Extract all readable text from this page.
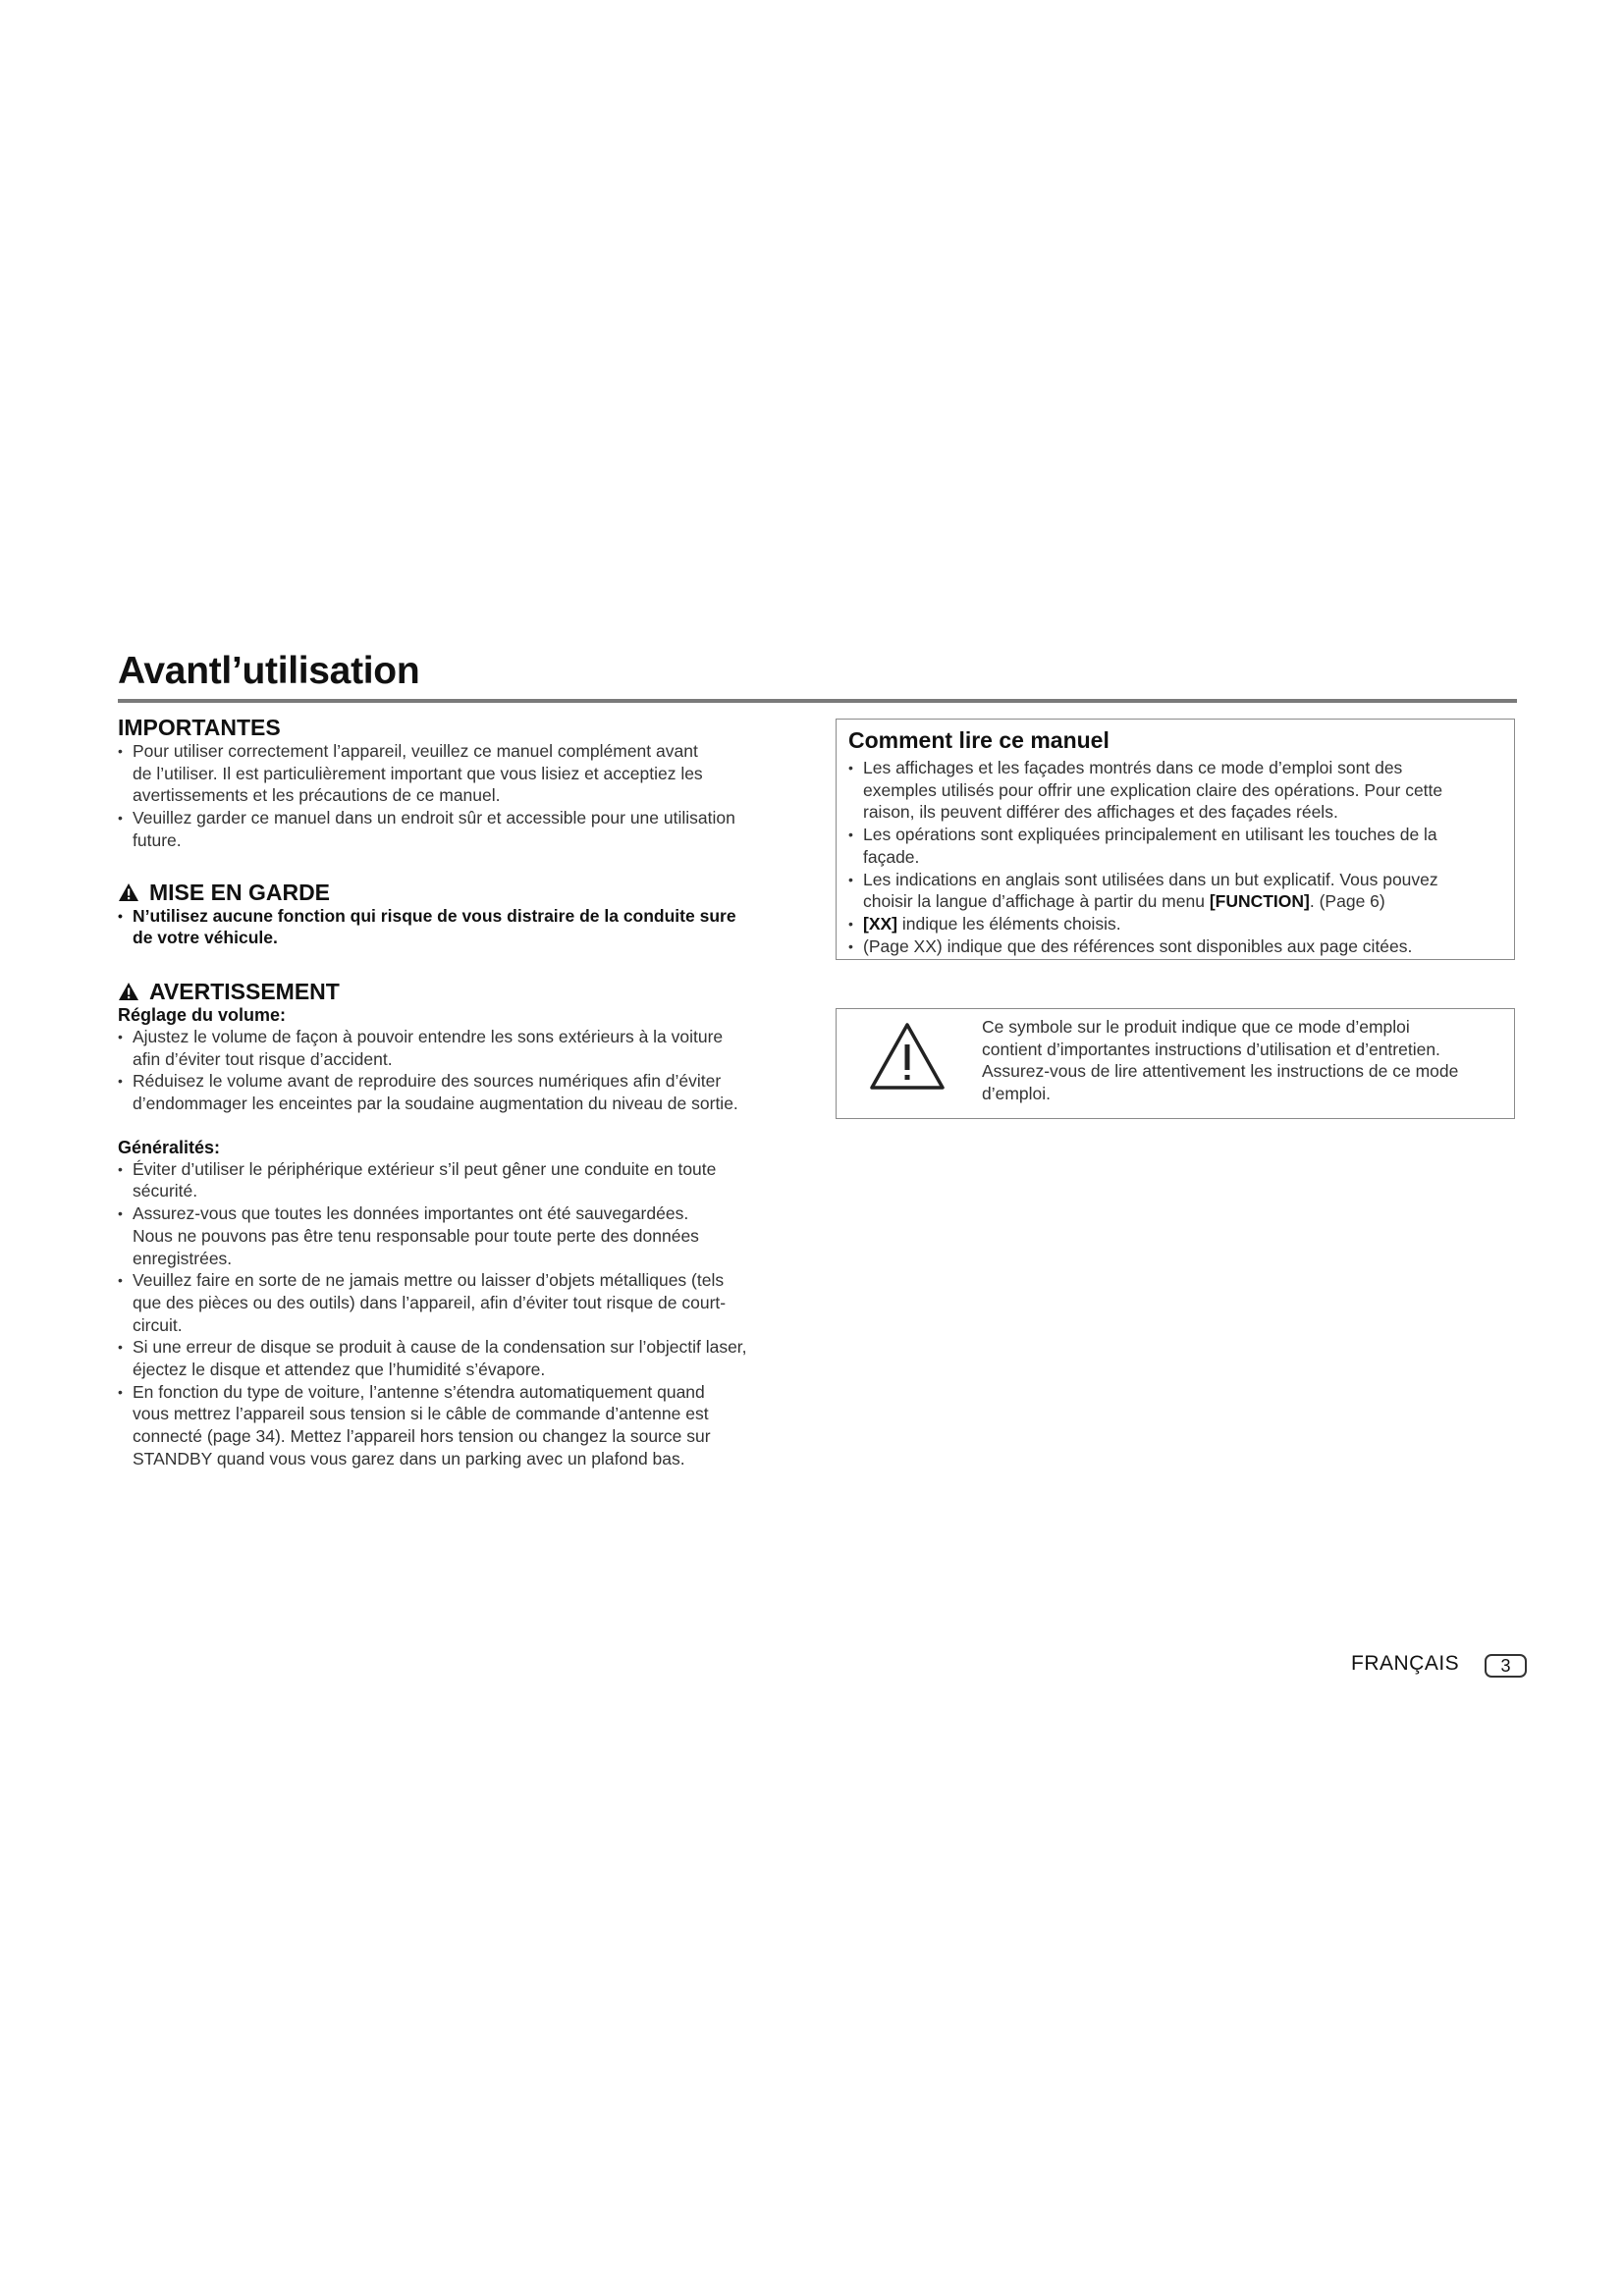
Avantl’utilisation
IMPORTANTES
• Pour utiliser correctement l’appareil, veuillez ce manuel complément avant
de l’utiliser. Il est particulièrement important que vous lisiez et acceptiez les
avertissements et les précautions de ce manuel.
• Veuillez garder ce manuel dans un endroit sûr et accessible pour une utilisation
future.
MISE EN GARDE
• N’utilisez aucune fonction qui risque de vous distraire de la conduite sure
de votre véhicule.
AVERTISSEMENT
Réglage du volume:
• Ajustez le volume de façon à pouvoir entendre les sons extérieurs à la voiture
afin d’éviter tout risque d’accident.
• Réduisez le volume avant de reproduire des sources numériques afin d’éviter
d’endommager les enceintes par la soudaine augmentation du niveau de sortie.
Généralités:
• Éviter d’utiliser le périphérique extérieur s’il peut gêner une conduite en toute
sécurité.
• Assurez-vous que toutes les données importantes ont été sauvegardées.
Nous ne pouvons pas être tenu responsable pour toute perte des données
enregistrées.
• Veuillez faire en sorte de ne jamais mettre ou laisser d’objets métalliques (tels
que des pièces ou des outils) dans l’appareil, afin d’éviter tout risque de court-
circuit.
• Si une erreur de disque se produit à cause de la condensation sur l’objectif laser,
éjectez le disque et attendez que l’humidité s’évapore.
• En fonction du type de voiture, l’antenne s’étendra automatiquement quand
vous mettrez l’appareil sous tension si le câble de commande d’antenne est
connecté (page 34). Mettez l’appareil hors tension ou changez la source sur
STANDBY quand vous vous garez dans un parking avec un plafond bas.
Comment lire ce manuel
• Les affichages et les façades montrés dans ce mode d’emploi sont des
exemples utilisés pour offrir une explication claire des opérations. Pour cette
raison, ils peuvent différer des affichages et des façades réels.
• Les opérations sont expliquées principalement en utilisant les touches de la
façade.
• Les indications en anglais sont utilisées dans un but explicatif. Vous pouvez
choisir la langue d’affichage à partir du menu [FUNCTION]. (Page 6)
• [XX] indique les éléments choisis.
• (Page XX) indique que des références sont disponibles aux page citées.
Ce symbole sur le produit indique que ce mode d’emploi
contient d’importantes instructions d’utilisation et d’entretien.
Assurez-vous de lire attentivement les instructions de ce mode
d’emploi.
FRANÇAIS	3
